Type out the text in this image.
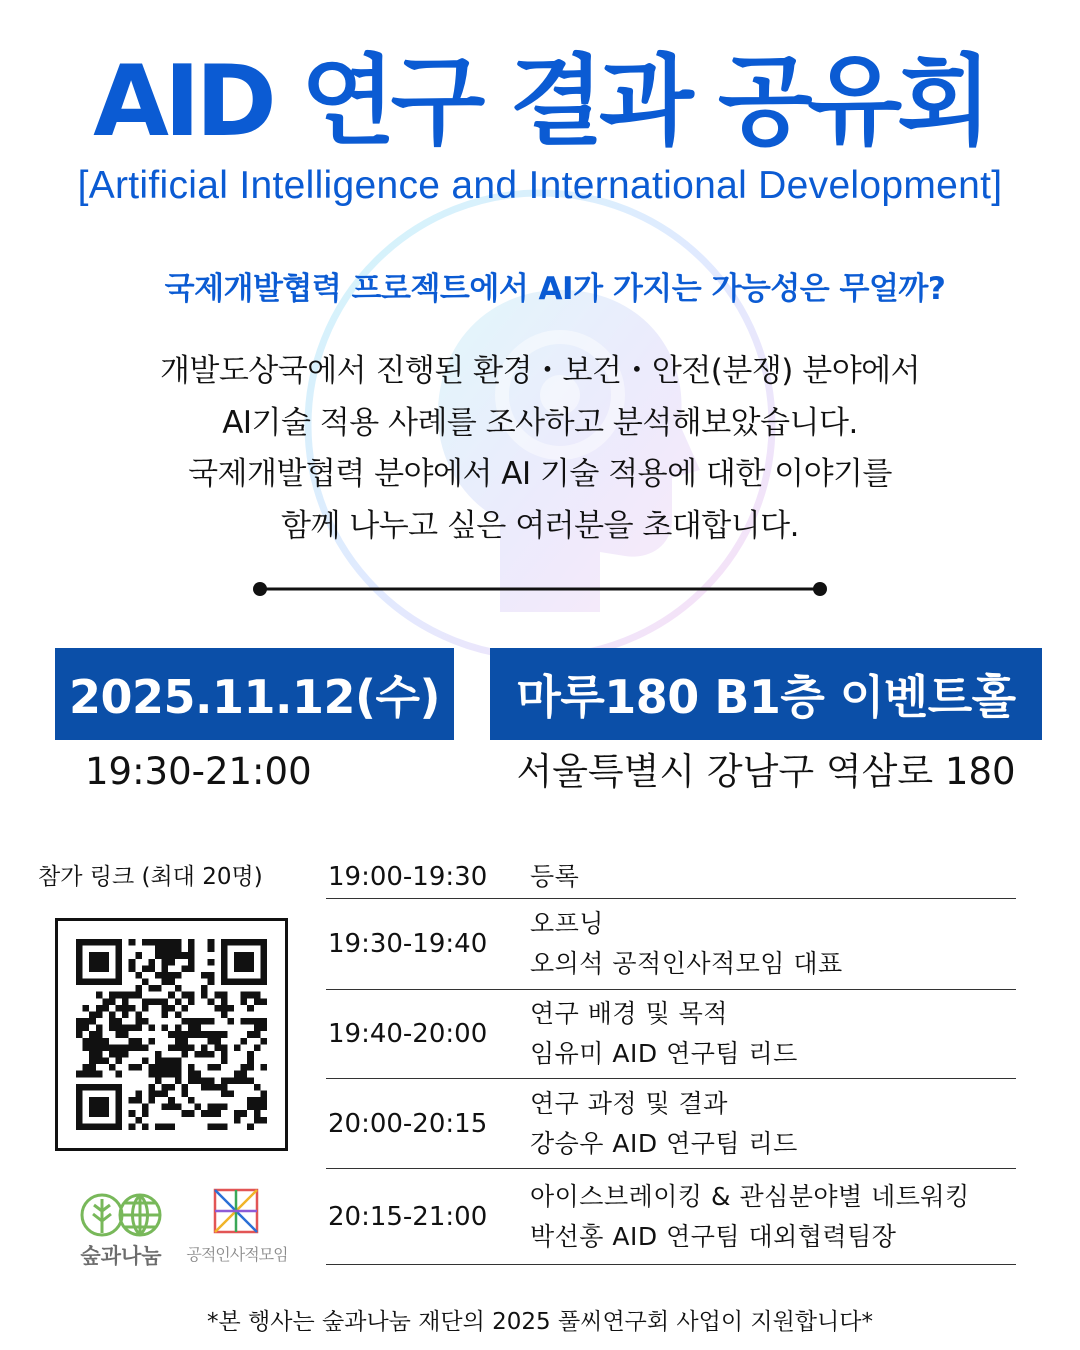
AID 연구 결과 공유회
[Artificial Intelligence and International Development]
국제개발협력 프로젝트에서 AI가 가지는 가능성은 무얼까?
개발도상국에서 진행된 환경・보건・안전(분쟁) 분야에서
AI기술 적용 사례를 조사하고 분석해보았습니다.
국제개발협력 분야에서 AI 기술 적용에 대한 이야기를
함께 나누고 싶은 여러분을 초대합니다.
2025.11.12(수)	마루180 B1층 이벤트홀
19:30-21:00	서울특별시 강남구 역삼로 180
참가 링크 (최대 20명)
숲과나눔	공적인사적모임
19:00-19:30	등록
19:30-19:40
오프닝
오의석 공적인사적모임 대표
19:40-20:00
연구 배경 및 목적
임유미 AID 연구팀 리드
20:00-20:15
연구 과정 및 결과
강승우 AID 연구팀 리드
20:15-21:00
아이스브레이킹 & 관심분야별 네트워킹
박선홍 AID 연구팀 대외협력팀장
*본 행사는 숲과나눔 재단의 2025 풀씨연구회 사업이 지원합니다*
